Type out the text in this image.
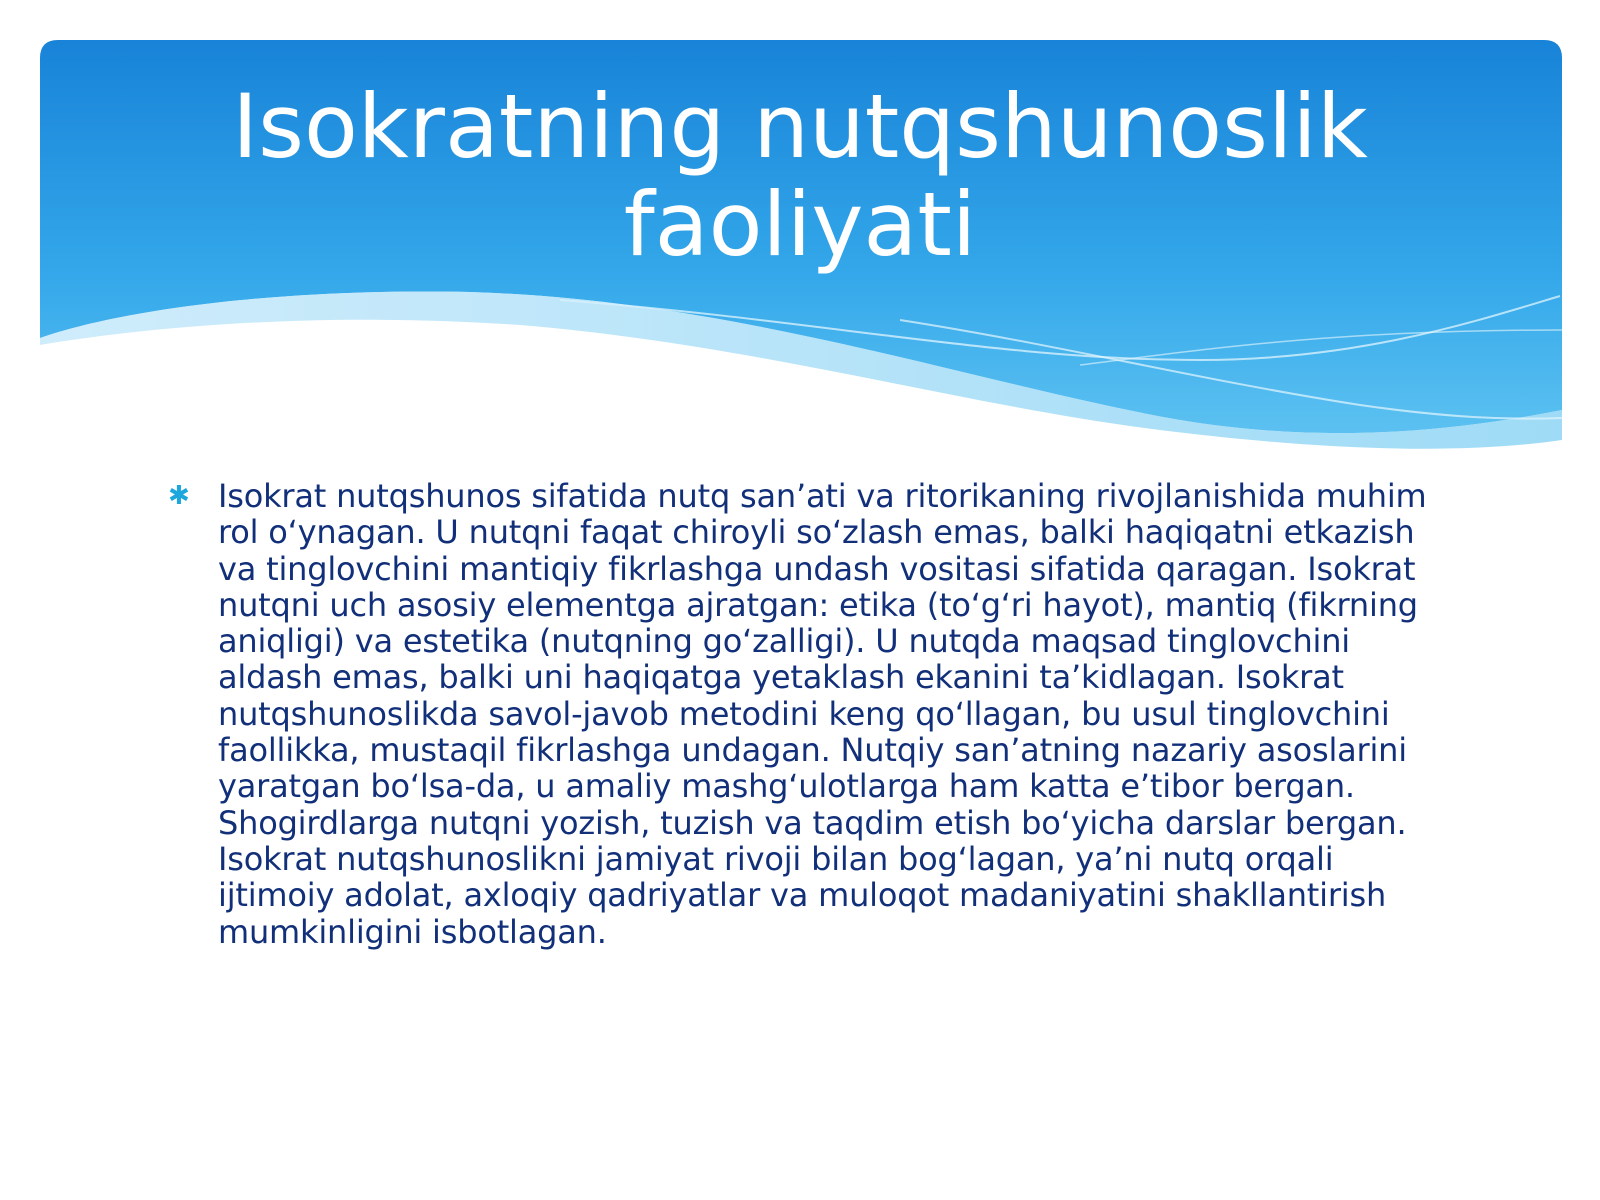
Isokratning nutqshunoslik faoliyati
✱ Isokrat nutqshunos sifatida nutq san’ati va ritorikaning rivojlanishida muhim rol o‘ynagan. U nutqni faqat chiroyli so‘zlash emas, balki haqiqatni etkazish va tinglovchini mantiqiy fikrlashga undash vositasi sifatida qaragan. Isokrat nutqni uch asosiy elementga ajratgan: etika (to‘g‘ri hayot), mantiq (fikrning aniqligi) va estetika (nutqning go‘zalligi). U nutqda maqsad tinglovchini aldash emas, balki uni haqiqatga yetaklash ekanini ta’kidlagan. Isokrat nutqshunoslikda savol-javob metodini keng qo‘llagan, bu usul tinglovchini faollikka, mustaqil fikrlashga undagan. Nutqiy san’atning nazariy asoslarini yaratgan bo‘lsa-da, u amaliy mashg‘ulotlarga ham katta e’tibor bergan. Shogirdlarga nutqni yozish, tuzish va taqdim etish bo‘yicha darslar bergan. Isokrat nutqshunoslikni jamiyat rivoji bilan bog‘lagan, ya’ni nutq orqali ijtimoiy adolat, axloqiy qadriyatlar va muloqot madaniyatini shakllantirish mumkinligini isbotlagan.
